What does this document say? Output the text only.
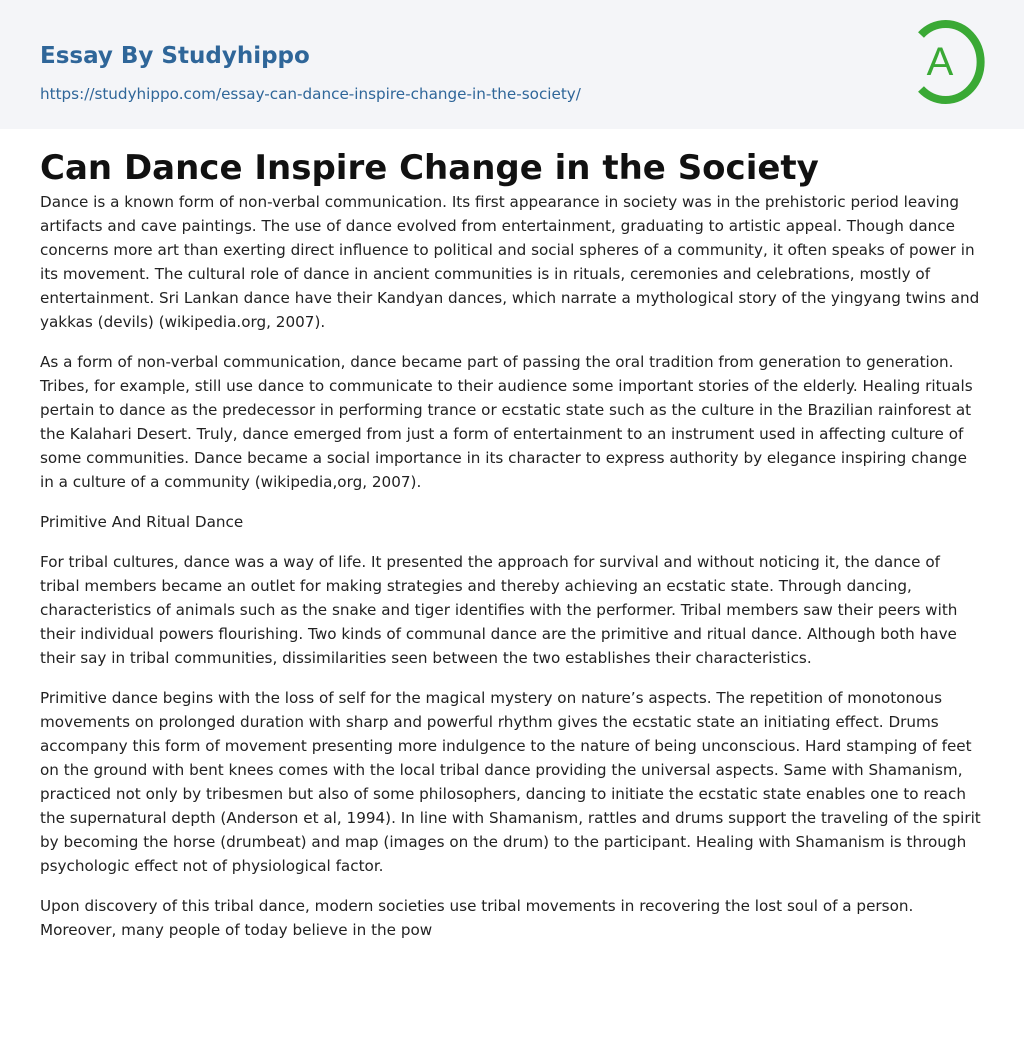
Essay By Studyhippo
https://studyhippo.com/essay-can-dance-inspire-change-in-the-society/
A
Can Dance Inspire Change in the Society

Dance is a known form of non-verbal communication. Its first appearance in society was in the prehistoric period leaving artifacts and cave paintings. The use of dance evolved from entertainment, graduating to artistic appeal. Though dance concerns more art than exerting direct influence to political and social spheres of a community, it often speaks of power in its movement. The cultural role of dance in ancient communities is in rituals, ceremonies and celebrations, mostly of entertainment. Sri Lankan dance have their Kandyan dances, which narrate a mythological story of the yingyang twins and yakkas (devils) (wikipedia.org, 2007).

As a form of non-verbal communication, dance became part of passing the oral tradition from generation to generation. Tribes, for example, still use dance to communicate to their audience some important stories of the elderly. Healing rituals pertain to dance as the predecessor in performing trance or ecstatic state such as the culture in the Brazilian rainforest at the Kalahari Desert. Truly, dance emerged from just a form of entertainment to an instrument used in affecting culture of some communities. Dance became a social importance in its character to express authority by elegance inspiring change in a culture of a community (wikipedia,org, 2007).

Primitive And Ritual Dance

For tribal cultures, dance was a way of life. It presented the approach for survival and without noticing it, the dance of tribal members became an outlet for making strategies and thereby achieving an ecstatic state. Through dancing, characteristics of animals such as the snake and tiger identifies with the performer. Tribal members saw their peers with their individual powers flourishing. Two kinds of communal dance are the primitive and ritual dance. Although both have their say in tribal communities, dissimilarities seen between the two establishes their characteristics.

Primitive dance begins with the loss of self for the magical mystery on nature’s aspects. The repetition of monotonous movements on prolonged duration with sharp and powerful rhythm gives the ecstatic state an initiating effect. Drums accompany this form of movement presenting more indulgence to the nature of being unconscious. Hard stamping of feet on the ground with bent knees comes with the local tribal dance providing the universal aspects. Same with Shamanism, practiced not only by tribesmen but also of some philosophers, dancing to initiate the ecstatic state enables one to reach the supernatural depth (Anderson et al, 1994). In line with Shamanism, rattles and drums support the traveling of the spirit by becoming the horse (drumbeat) and map (images on the drum) to the participant. Healing with Shamanism is through psychologic effect not of physiological factor.

Upon discovery of this tribal dance, modern societies use tribal movements in recovering the lost soul of a person. Moreover, many people of today believe in the pow
